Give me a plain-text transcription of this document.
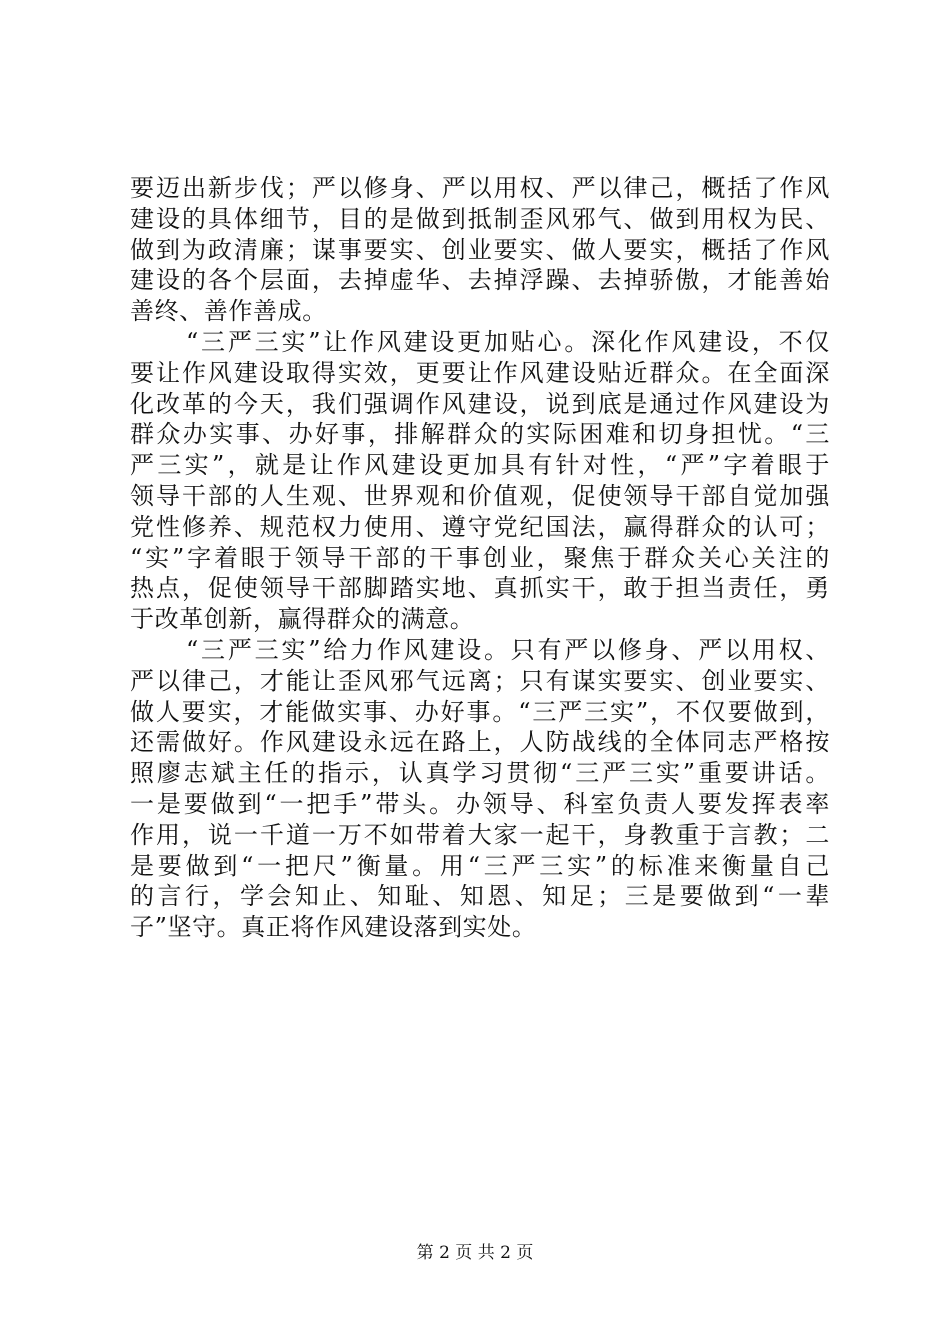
要迈出新步伐；严以修身、严以用权、严以律己，概括了作风
建设的具体细节，目的是做到抵制歪风邪气、做到用权为民、
做到为政清廉；谋事要实、创业要实、做人要实，概括了作风
建设的各个层面，去掉虚华、去掉浮躁、去掉骄傲，才能善始
善终、善作善成。
“三严三实”让作风建设更加贴心。深化作风建设，不仅
要让作风建设取得实效，更要让作风建设贴近群众。在全面深
化改革的今天，我们强调作风建设，说到底是通过作风建设为
群众办实事、办好事，排解群众的实际困难和切身担忧。“三
严三实”，就是让作风建设更加具有针对性，“严”字着眼于
领导干部的人生观、世界观和价值观，促使领导干部自觉加强
党性修养、规范权力使用、遵守党纪国法，赢得群众的认可；
“实”字着眼于领导干部的干事创业，聚焦于群众关心关注的
热点，促使领导干部脚踏实地、真抓实干，敢于担当责任，勇
于改革创新，赢得群众的满意。
“三严三实”给力作风建设。只有严以修身、严以用权、
严以律己，才能让歪风邪气远离；只有谋实要实、创业要实、
做人要实，才能做实事、办好事。“三严三实”，不仅要做到，
还需做好。作风建设永远在路上，人防战线的全体同志严格按
照廖志斌主任的指示，认真学习贯彻“三严三实”重要讲话。
一是要做到“一把手”带头。办领导、科室负责人要发挥表率
作用，说一千道一万不如带着大家一起干，身教重于言教；二
是要做到“一把尺”衡量。用“三严三实”的标准来衡量自己
的言行，学会知止、知耻、知恩、知足；三是要做到“一辈
子”坚守。真正将作风建设落到实处。
第 2 页 共 2 页
